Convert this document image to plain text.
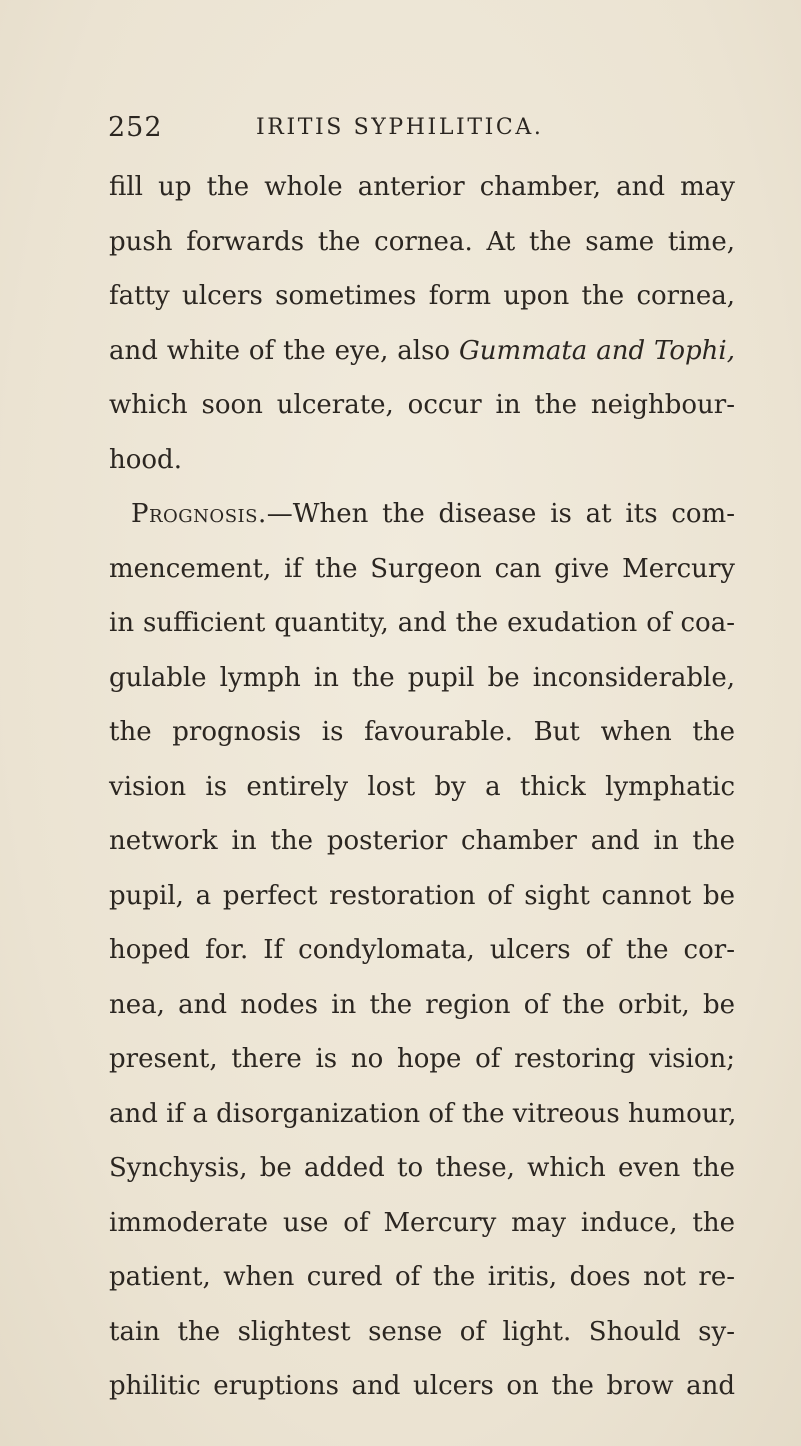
252	IRITIS SYPHILITICA.
fill up the whole anterior chamber, and may
push forwards the cornea. At the same time,
fatty ulcers sometimes form upon the cornea,
and white of the eye, also Gummata and Tophi,
which soon ulcerate, occur in the neighbour-
hood.
Prognosis.—When the disease is at its com-
mencement, if the Surgeon can give Mercury
in sufficient quantity, and the exudation of coa-
gulable lymph in the pupil be inconsiderable,
the prognosis is favourable. But when the
vision is entirely lost by a thick lymphatic
network in the posterior chamber and in the
pupil, a perfect restoration of sight cannot be
hoped for. If condylomata, ulcers of the cor-
nea, and nodes in the region of the orbit, be
present, there is no hope of restoring vision;
and if a disorganization of the vitreous humour,
Synchysis, be added to these, which even the
immoderate use of Mercury may induce, the
patient, when cured of the iritis, does not re-
tain the slightest sense of light. Should sy-
philitic eruptions and ulcers on the brow and
